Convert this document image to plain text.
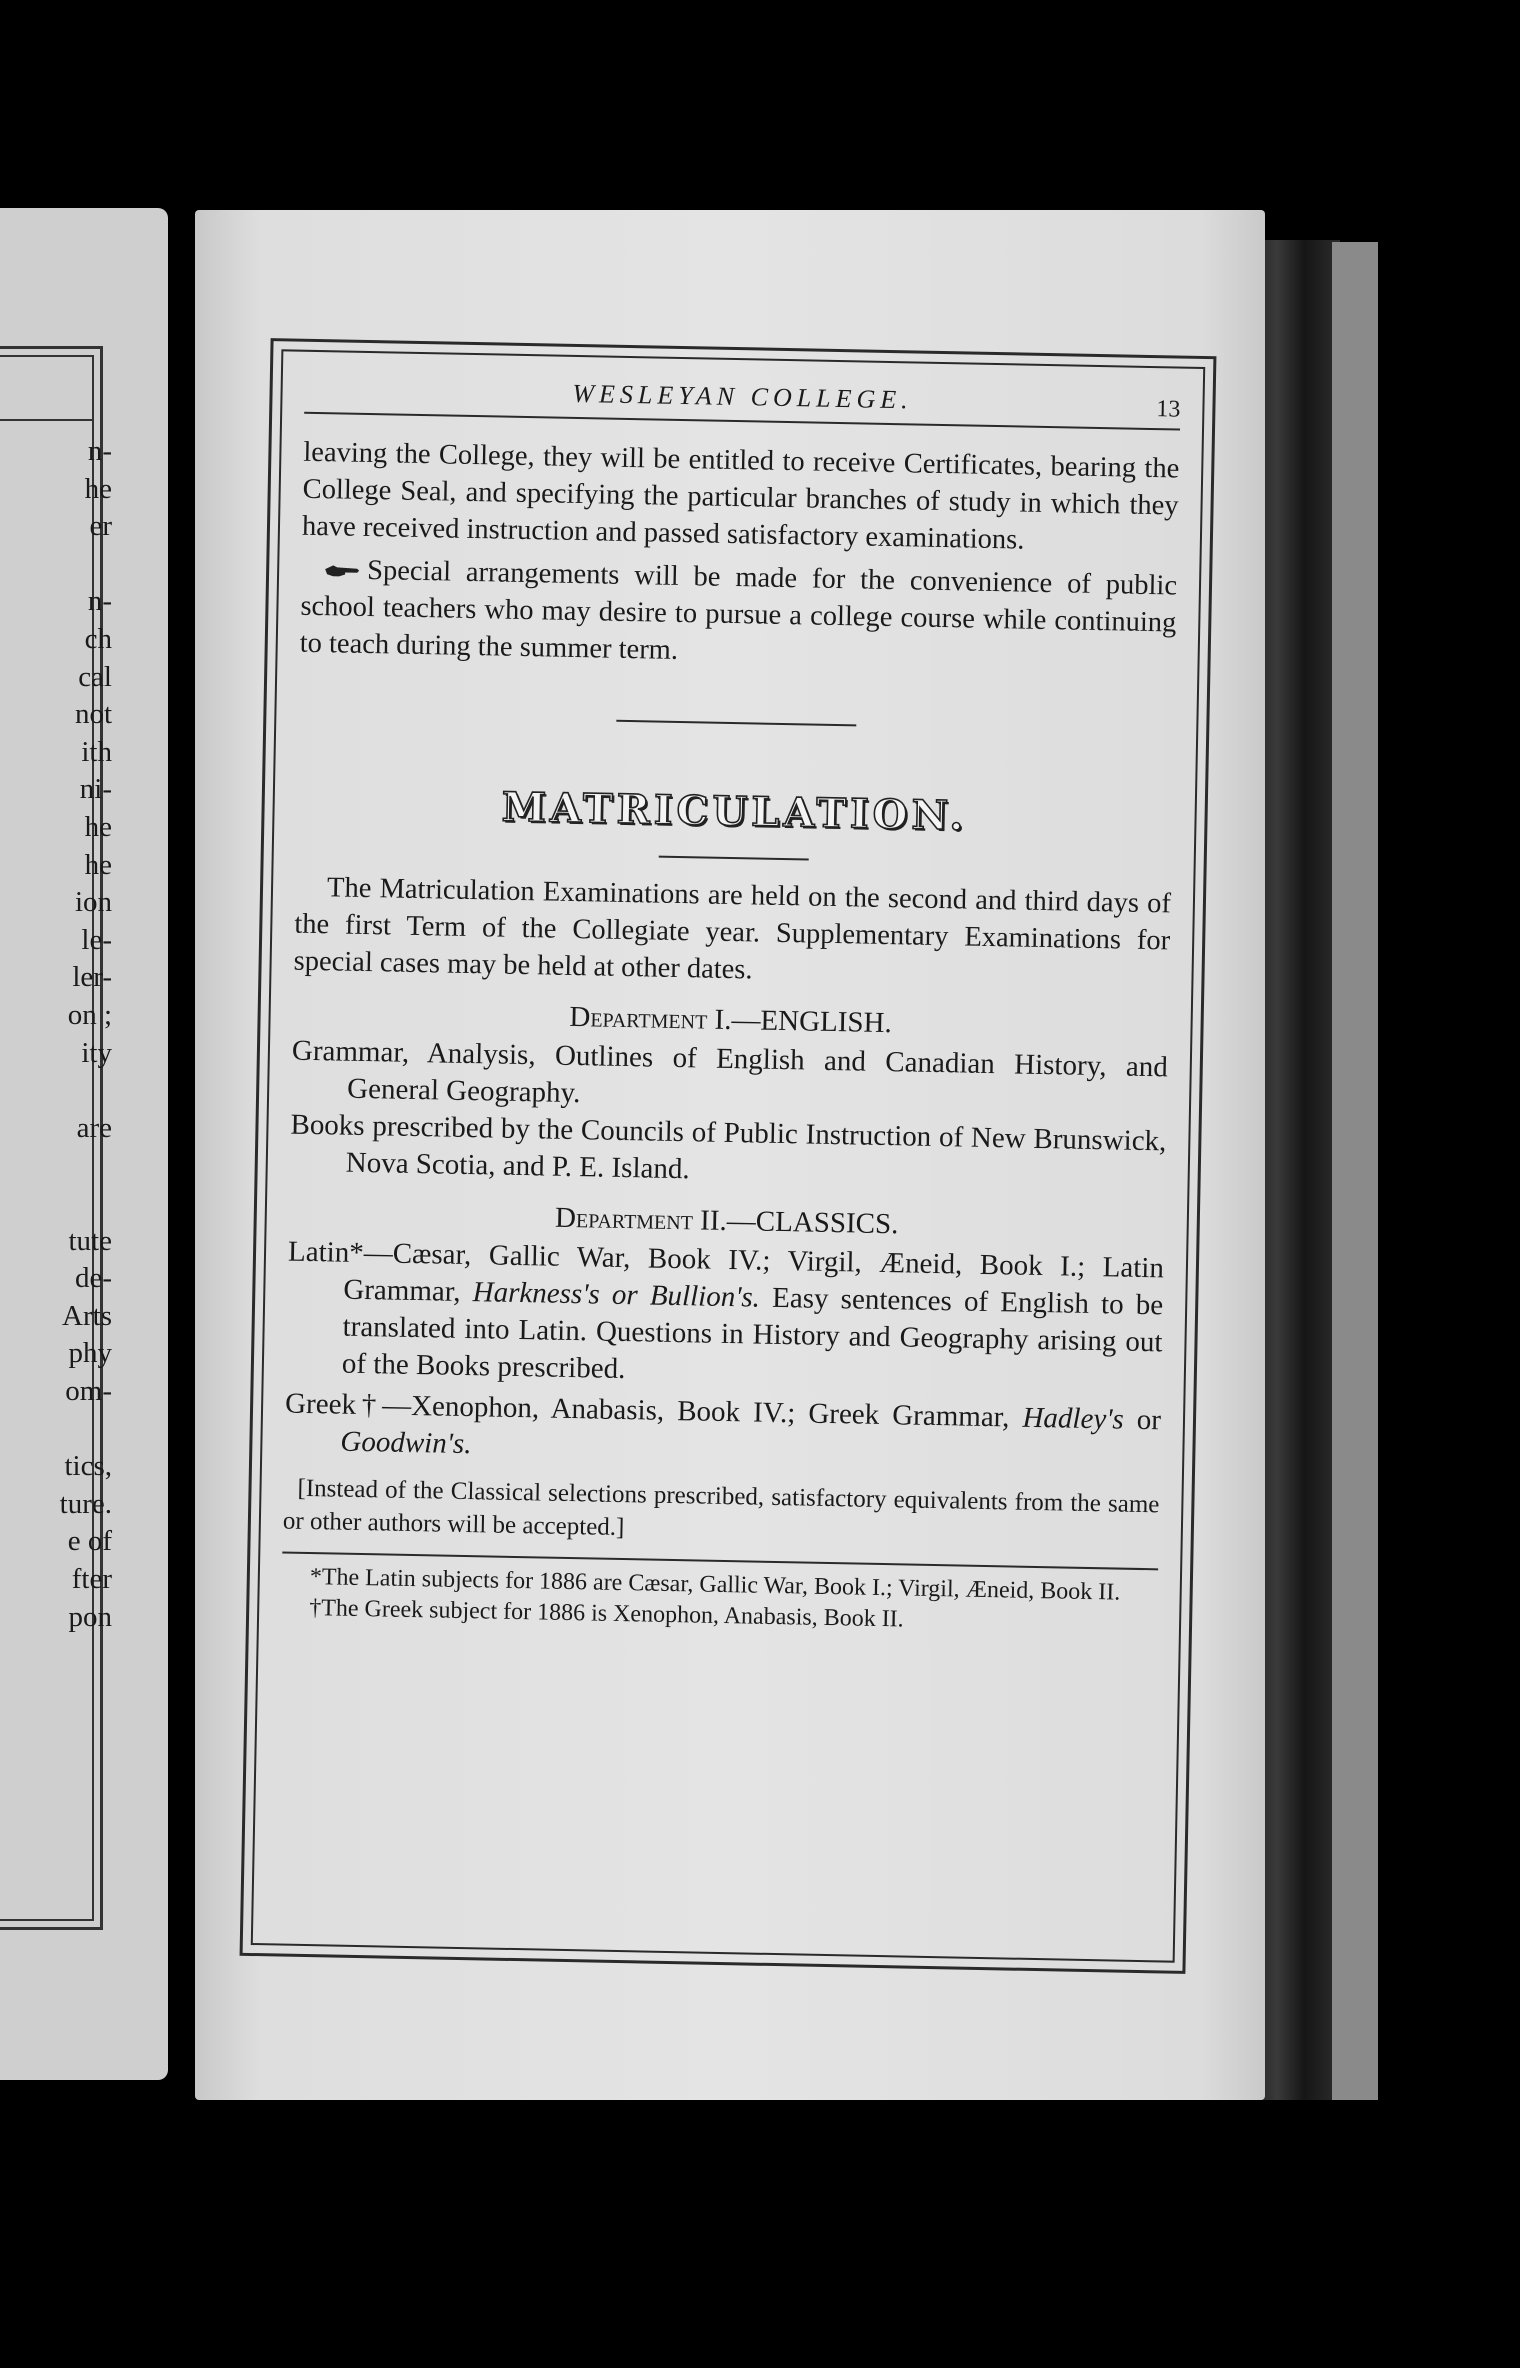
n-
he
er
n-
ch
cal
not
ith
ni-
he
he
ion
le-
ler-
on ;
ity
are
tute
de-
Arts
phy
om-
tics,
ture.
e of
fter
pon
WESLEYAN COLLEGE.	13

leaving the College, they will be entitled to receive Certificates, bearing the College Seal, and specifying the particular branches of study in which they have received instruction and passed satisfactory examinations.

Special arrangements will be made for the convenience of public school teachers who may desire to pursue a college course while continuing to teach during the summer term.

MATRICULATION.

The Matriculation Examinations are held on the second and third days of the first Term of the Collegiate year. Supplementary Examinations for special cases may be held at other dates.

Department I.—ENGLISH.

Grammar, Analysis, Outlines of English and Canadian History, and General Geography.

Books prescribed by the Councils of Public Instruction of New Brunswick, Nova Scotia, and P. E. Island.

Department II.—CLASSICS.

Latin*—Cæsar, Gallic War, Book IV.; Virgil, Æneid, Book I.; Latin Grammar, Harkness's or Bullion's. Easy sentences of English to be translated into Latin. Questions in History and Geography arising out of the Books prescribed.

Greek†—Xenophon, Anabasis, Book IV.; Greek Grammar, Hadley's or Goodwin's.

[Instead of the Classical selections prescribed, satisfactory equivalents from the same or other authors will be accepted.]

*The Latin subjects for 1886 are Cæsar, Gallic War, Book I.; Virgil, Æneid, Book II.

†The Greek subject for 1886 is Xenophon, Anabasis, Book II.
